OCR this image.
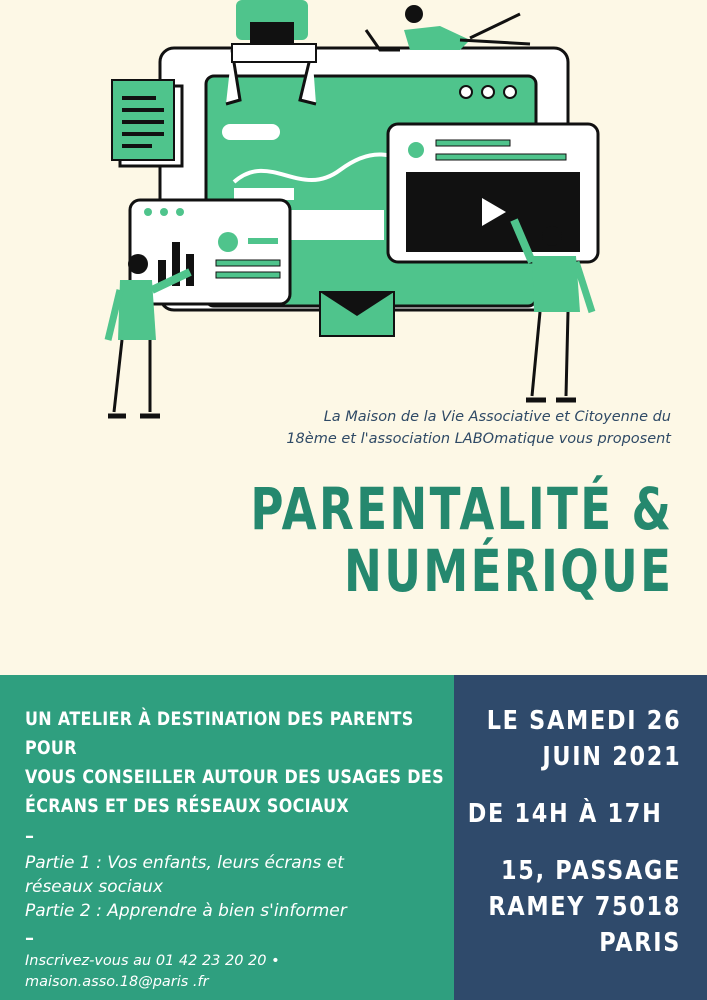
La Maison de la Vie Associative et Citoyenne du
18ème et l'association LABOmatique vous proposent
PARENTALITÉ &
NUMÉRIQUE
UN ATELIER À DESTINATION DES PARENTS POUR
VOUS CONSEILLER AUTOUR DES USAGES DES
ÉCRANS ET DES RÉSEAUX SOCIAUX
–
Partie 1 : Vos enfants, leurs écrans et
réseaux sociaux
Partie 2 : Apprendre à bien s'informer
–
Inscrivez-vous au 01 42 23 20 20 •
maison.asso.18@paris .fr
LE SAMEDI 26
JUIN 2021
DE 14H À 17H
15, PASSAGE
RAMEY 75018
PARIS
